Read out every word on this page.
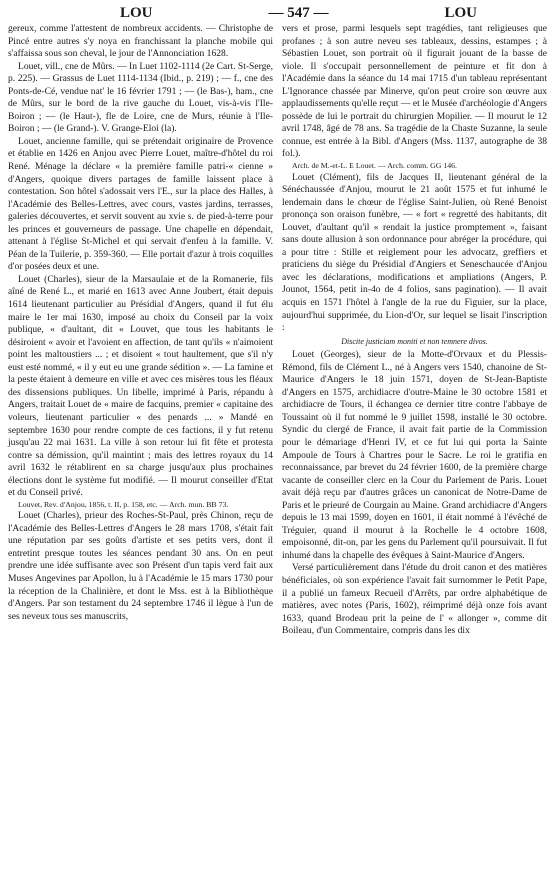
LOU	— 547 —	LOU

gereux, comme l'attestent de nombreux accidents. — Christophe de Pincé entre autres s'y noya en franchissant la planche mobile qui s'affaissa sous son cheval, le jour de l'Annonciation 1628.

Louet, vill., cne de Mûrs. — In Luet 1102-1114 (2e Cart. St-Serge, p. 225). — Grassus de Luet 1114-1134 (Ibid., p. 219) ; — f., cne des Ponts-de-Cé, vendue nat' le 16 février 1791 ; — (le Bas-), ham., cne de Mûrs, sur le bord de la rive gauche du Louet, vis-à-vis l'Ile-Boiron ; — (le Haut-), fle de Loire, cne de Murs, réunie à l'Ile-Boiron ; — (le Grand-). V. Grange-Eloi (la).

Louet, ancienne famille, qui se prétendait originaire de Provence et établie en 1426 en Anjou avec Pierre Louet, maître-d'hôtel du roi René. Ménage la déclare « la première famille patri-« cienne » d'Angers, quoique divers partages de famille laissent place à contestation. Son hôtel s'adossait vers l'E., sur la place des Halles, à l'Académie des Belles-Lettres, avec cours, vastes jardins, terrasses, galeries découvertes, et servit souvent au xvie s. de pied-à-terre pour les princes et gouverneurs de passage. Une chapelle en dépendait, attenant à l'église St-Michel et qui servait d'enfeu à la famille. V. Péan de la Tuilerie, p. 359-360. — Elle portait d'azur à trois coquilles d'or posées deux et une.

Louet (Charles), sieur de la Marsaulaie et de la Romanerie, fils aîné de René L., et marié en 1613 avec Anne Joubert, était depuis 1614 lieutenant particulier au Présidial d'Angers, quand il fut élu maire le 1er mai 1630, imposé au choix du Conseil par la voix publique, « d'aultant, dit « Louvet, que tous les habitants le désiroient « avoir et l'avoient en affection, de tant qu'ils « n'aimoient point les maltoustiers ... ; et disoient « tout haultement, que s'il n'y eust esté nommé, « il y eut eu une grande sédition ». — La famine et la peste étaient à demeure en ville et avec ces misères tous les fléaux des dissensions publiques. Un libelle, imprimé à Paris, répandu à Angers, traitait Louet de « maire de facquins, premier « capitaine des voleurs, lieutenant particulier « des penards ... » Mandé en septembre 1630 pour rendre compte de ces factions, il y fut retenu jusqu'au 22 mai 1631. La ville à son retour lui fit fête et protesta contre sa démission, qu'il maintint ; mais des lettres royaux du 14 avril 1632 le rétablirent en sa charge jusqu'aux plus prochaines élections dont le système fut modifié. — Il mourut conseiller d'Etat et du Conseil privé.

Louvet, Rev. d'Anjou, 1856, t. II, p. 158, etc. — Arch. mun. BB 73.

Louet (Charles), prieur des Roches-St-Paul, près Chinon, reçu de l'Académie des Belles-Lettres d'Angers le 28 mars 1708, s'était fait une réputation par ses goûts d'artiste et ses petits vers, dont il entretint presque toutes les séances pendant 30 ans. On en peut prendre une idée suffisante avec son Présent d'un tapis verd fait aux Muses Angevines par Apollon, lu à l'Académie le 15 mars 1730 pour la réception de la Chalinière, et dont le Mss. est à la Bibliothèque d'Angers. Par son testament du 24 septembre 1746 il lègue à l'un de ses neveux tous ses manuscrits,

vers et prose, parmi lesquels sept tragédies, tant religieuses que profanes ; à son autre neveu ses tableaux, dessins, estampes ; à Sébastien Louet, son portrait où il figurait jouant de la basse de viole. Il s'occupait personnellement de peinture et fit don à l'Académie dans la séance du 14 mai 1715 d'un tableau représentant L'Ignorance chassée par Minerve, qu'on peut croire son œuvre aux applaudissements qu'elle reçut — et le Musée d'archéologie d'Angers possède de lui le portrait du chirurgien Mopilier. — Il mourut le 12 avril 1748, âgé de 78 ans. Sa tragédie de la Chaste Suzanne, la seule connue, est entrée à la Bibl. d'Angers (Mss. 1137, autographe de 38 fol.).

Arch. de M.-et-L. E Louet. — Arch. comm. GG 146.

Louet (Clément), fils de Jacques II, lieutenant général de la Sénéchaussée d'Anjou, mourut le 21 août 1575 et fut inhumé le lendemain dans le chœur de l'église Saint-Julien, où René Benoist prononça son oraison funèbre, — « fort « regretté des habitants, dit Louvet, d'aultant qu'il « rendait la justice promptement », faisant sans doute allusion à son ordonnance pour abréger la procédure, qui a pour titre : Stille et reiglement pour les advocatz, greffiers et praticiens du siège du Présidial d'Angiers et Seneschaucée d'Anjou avec les déclarations, modifications et ampliations (Angers, P. Jounot, 1564, petit in-4o de 4 folios, sans pagination). — Il avait acquis en 1571 l'hôtel à l'angle de la rue du Figuier, sur la place, aujourd'hui supprimée, du Lion-d'Or, sur lequel se lisait l'inscription :

Discite justiciam moniti et non temnere divos.

Louet (Georges), sieur de la Motte-d'Orvaux et du Plessis-Rémond, fils de Clément L., né à Angers vers 1540, chanoine de St-Maurice d'Angers le 18 juin 1571, doyen de St-Jean-Baptiste d'Angers en 1575, archidiacre d'outre-Maine le 30 octobre 1581 et archidiacre de Tours, il échangea ce dernier titre contre l'abbaye de Toussaint où il fut nommé le 9 juillet 1598, installé le 30 octobre. Syndic du clergé de France, il avait fait partie de la Commission pour le démariage d'Henri IV, et ce fut lui qui porta la Sainte Ampoule de Tours à Chartres pour le Sacre. Le roi le gratifia en reconnaissance, par brevet du 24 février 1600, de la première charge vacante de conseiller clerc en la Cour du Parlement de Paris. Louet avait déjà reçu par d'autres grâces un canonicat de Notre-Dame de Paris et le prieuré de Courgain au Maine. Grand archidiacre d'Angers depuis le 13 mai 1599, doyen en 1601, il était nommé à l'évêché de Tréguier, quand il mourut à la Rochelle le 4 octobre 1608, empoisonné, dit-on, par les gens du Parlement qu'il poursuivait. Il fut inhumé dans la chapelle des évêques à Saint-Maurice d'Angers.

Versé particulièrement dans l'étude du droit canon et des matières bénéficiales, où son expérience l'avait fait surnommer le Petit Pape, il a publié un fameux Recueil d'Arrêts, par ordre alphabétique de matières, avec notes (Paris, 1602), réimprimé déjà onze fois avant 1633, quand Brodeau prit la peine de l' « allonger », comme dit Boileau, d'un Commentaire, compris dans les dix
